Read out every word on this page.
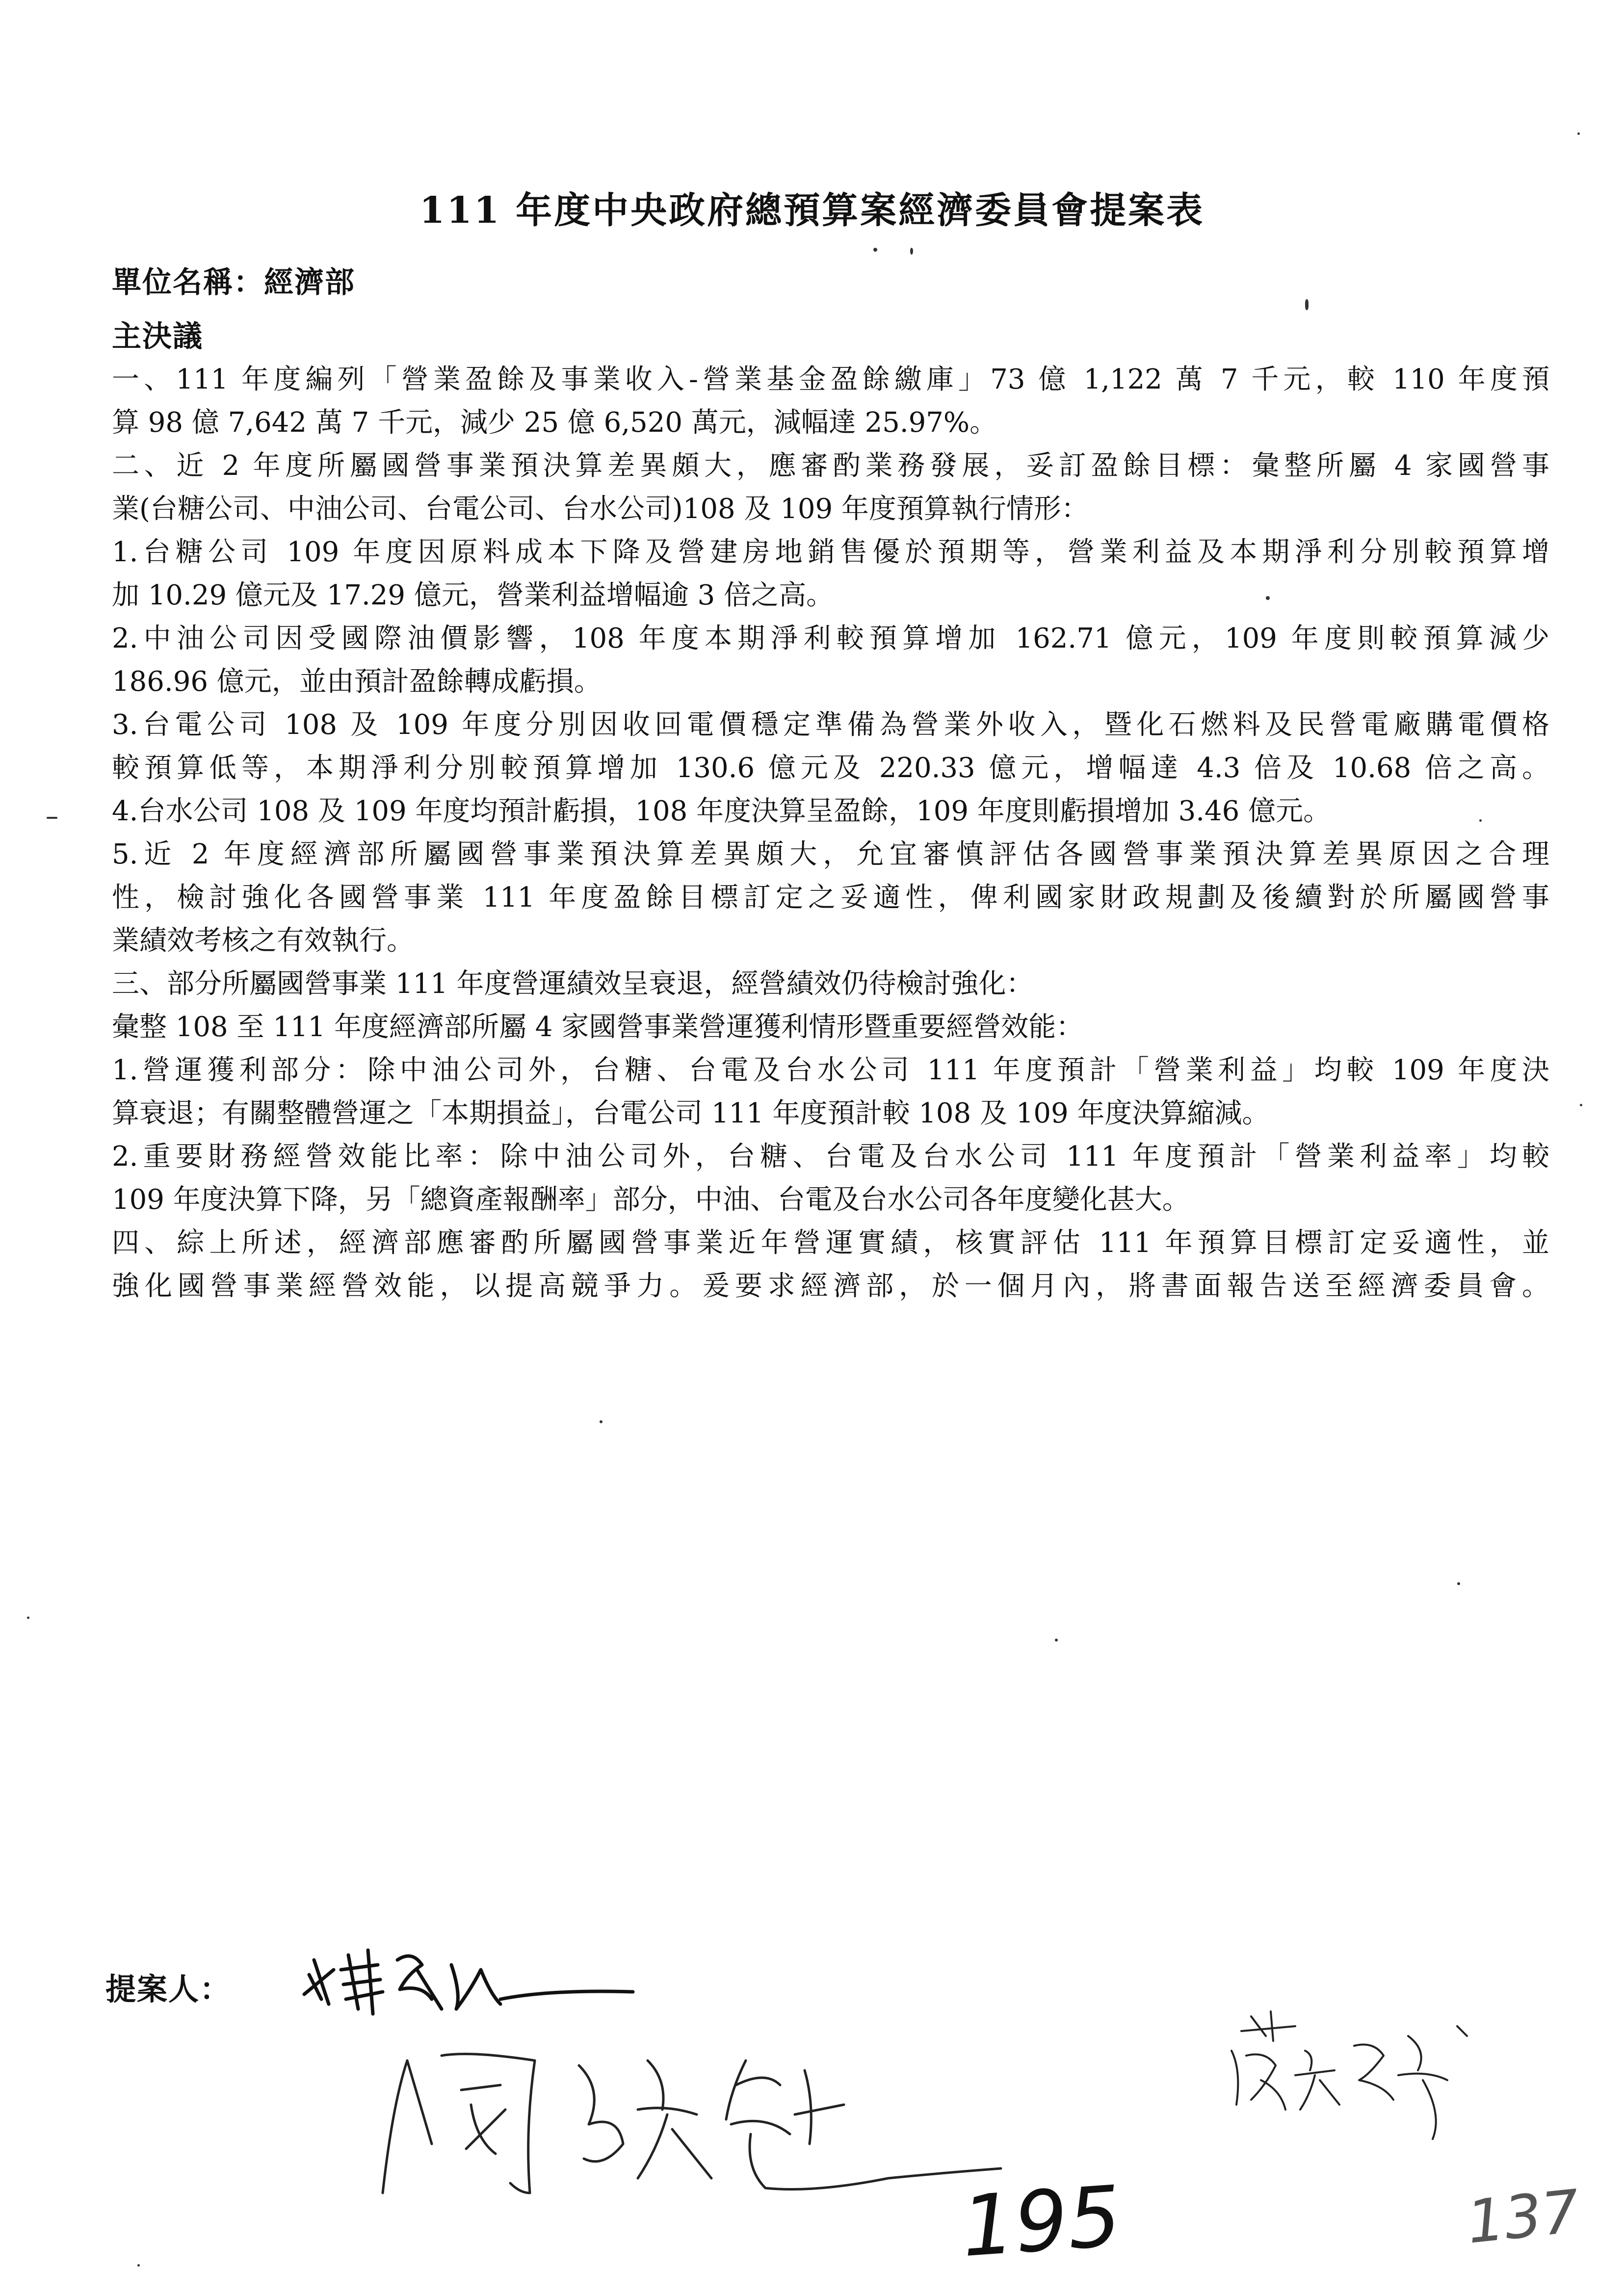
111 年度中央政府總預算案經濟委員會提案表
單位名稱：經濟部
主決議
一、111 年度編列「營業盈餘及事業收入-營業基金盈餘繳庫」73 億 1,122 萬 7 千元，較 110 年度預
算 98 億 7,642 萬 7 千元，減少 25 億 6,520 萬元，減幅達 25.97%。
二、近 2 年度所屬國營事業預決算差異頗大，應審酌業務發展，妥訂盈餘目標：彙整所屬 4 家國營事
業(台糖公司、中油公司、台電公司、台水公司)108 及 109 年度預算執行情形：
1.台糖公司 109 年度因原料成本下降及營建房地銷售優於預期等，營業利益及本期淨利分別較預算增
加 10.29 億元及 17.29 億元，營業利益增幅逾 3 倍之高。
2.中油公司因受國際油價影響，108 年度本期淨利較預算增加 162.71 億元，109 年度則較預算減少
186.96 億元，並由預計盈餘轉成虧損。
3.台電公司 108 及 109 年度分別因收回電價穩定準備為營業外收入，暨化石燃料及民營電廠購電價格
較預算低等，本期淨利分別較預算增加 130.6 億元及 220.33 億元，增幅達 4.3 倍及 10.68 倍之高。
4.台水公司 108 及 109 年度均預計虧損，108 年度決算呈盈餘，109 年度則虧損增加 3.46 億元。
5.近 2 年度經濟部所屬國營事業預決算差異頗大，允宜審慎評估各國營事業預決算差異原因之合理
性，檢討強化各國營事業 111 年度盈餘目標訂定之妥適性，俾利國家財政規劃及後續對於所屬國營事
業績效考核之有效執行。
三、部分所屬國營事業 111 年度營運績效呈衰退，經營績效仍待檢討強化：
彙整 108 至 111 年度經濟部所屬 4 家國營事業營運獲利情形暨重要經營效能：
1.營運獲利部分：除中油公司外，台糖、台電及台水公司 111 年度預計「營業利益」均較 109 年度決
算衰退；有關整體營運之「本期損益」，台電公司 111 年度預計較 108 及 109 年度決算縮減。
2.重要財務經營效能比率：除中油公司外，台糖、台電及台水公司 111 年度預計「營業利益率」均較
109 年度決算下降，另「總資產報酬率」部分，中油、台電及台水公司各年度變化甚大。
四、綜上所述，經濟部應審酌所屬國營事業近年營運實績，核實評估 111 年預算目標訂定妥適性，並
強化國營事業經營效能，以提高競爭力。爰要求經濟部，於一個月內，將書面報告送至經濟委員會。
提案人：
195	137
